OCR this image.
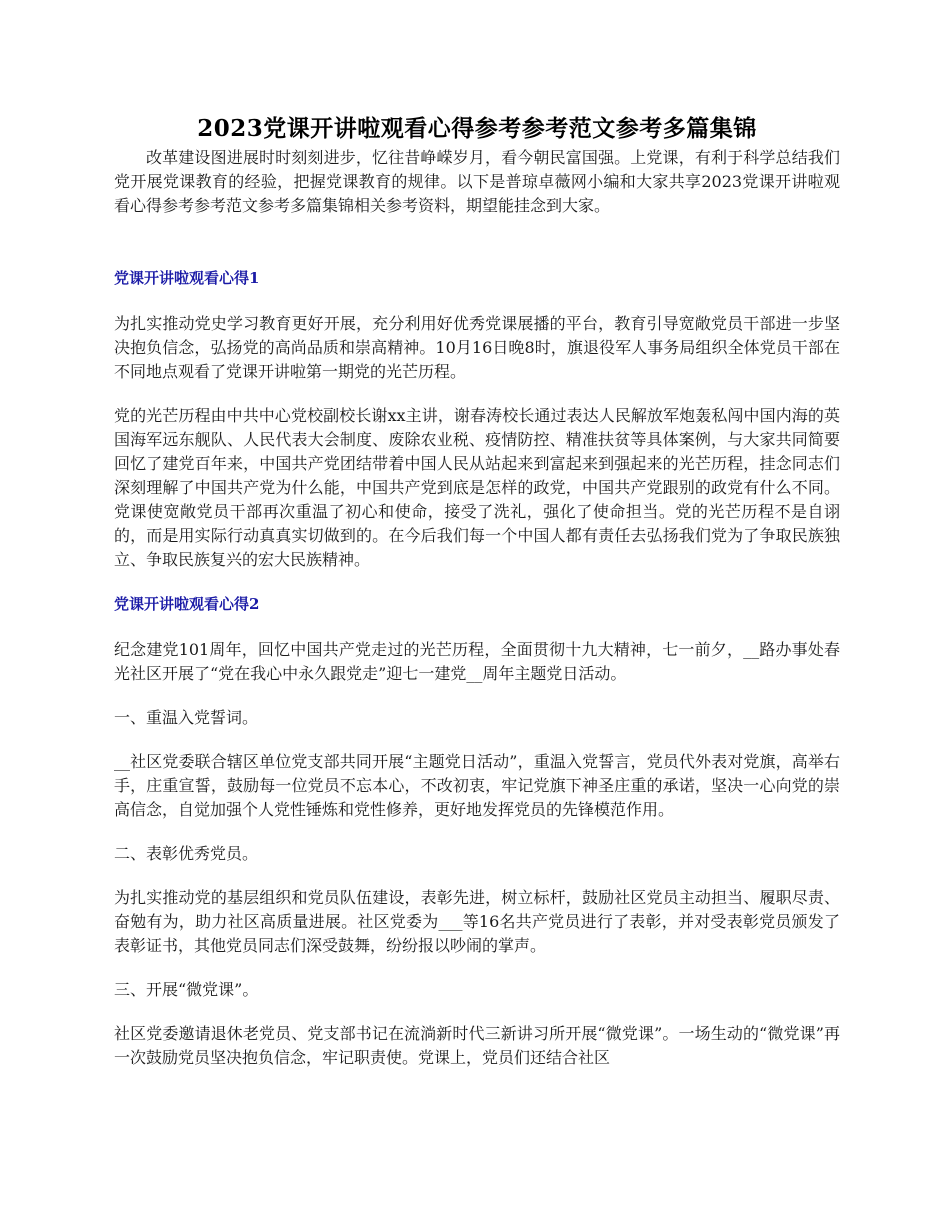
2023党课开讲啦观看心得参考参考范文参考多篇集锦

改革建设图进展时时刻刻进步，忆往昔峥嵘岁月，看今朝民富国强。上党课，有利于科学总结我们党开展党课教育的经验，把握党课教育的规律。以下是普琼卓薇网小编和大家共享2023党课开讲啦观看心得参考参考范文参考多篇集锦相关参考资料，期望能挂念到大家。

党课开讲啦观看心得1

为扎实推动党史学习教育更好开展，充分利用好优秀党课展播的平台，教育引导宽敞党员干部进一步坚决抱负信念，弘扬党的高尚品质和崇高精神。10月16日晚8时，旗退役军人事务局组织全体党员干部在不同地点观看了党课开讲啦第一期党的光芒历程。

党的光芒历程由中共中心党校副校长谢xx主讲，谢春涛校长通过表达人民解放军炮轰私闯中国内海的英国海军远东舰队、人民代表大会制度、废除农业税、疫情防控、精准扶贫等具体案例，与大家共同简要回忆了建党百年来，中国共产党团结带着中国人民从站起来到富起来到强起来的光芒历程，挂念同志们深刻理解了中国共产党为什么能，中国共产党到底是怎样的政党，中国共产党跟别的政党有什么不同。党课使宽敞党员干部再次重温了初心和使命，接受了洗礼，强化了使命担当。党的光芒历程不是自诩的，而是用实际行动真真实切做到的。在今后我们每一个中国人都有责任去弘扬我们党为了争取民族独立、争取民族复兴的宏大民族精神。

党课开讲啦观看心得2

纪念建党101周年，回忆中国共产党走过的光芒历程，全面贯彻十九大精神，七一前夕，__路办事处春光社区开展了“党在我心中永久跟党走”迎七一建党__周年主题党日活动。

一、重温入党誓词。

__社区党委联合辖区单位党支部共同开展“主题党日活动”，重温入党誓言，党员代外表对党旗，高举右手，庄重宣誓，鼓励每一位党员不忘本心，不改初衷，牢记党旗下神圣庄重的承诺，坚决一心向党的崇高信念，自觉加强个人党性锤炼和党性修养，更好地发挥党员的先锋模范作用。

二、表彰优秀党员。

为扎实推动党的基层组织和党员队伍建设，表彰先进，树立标杆，鼓励社区党员主动担当、履职尽责、奋勉有为，助力社区高质量进展。社区党委为___等16名共产党员进行了表彰，并对受表彰党员颁发了表彰证书，其他党员同志们深受鼓舞，纷纷报以吵闹的掌声。

三、开展“微党课”。

社区党委邀请退休老党员、党支部书记在流淌新时代三新讲习所开展“微党课”。一场生动的“微党课”再一次鼓励党员坚决抱负信念，牢记职责使。党课上，党员们还结合社区
